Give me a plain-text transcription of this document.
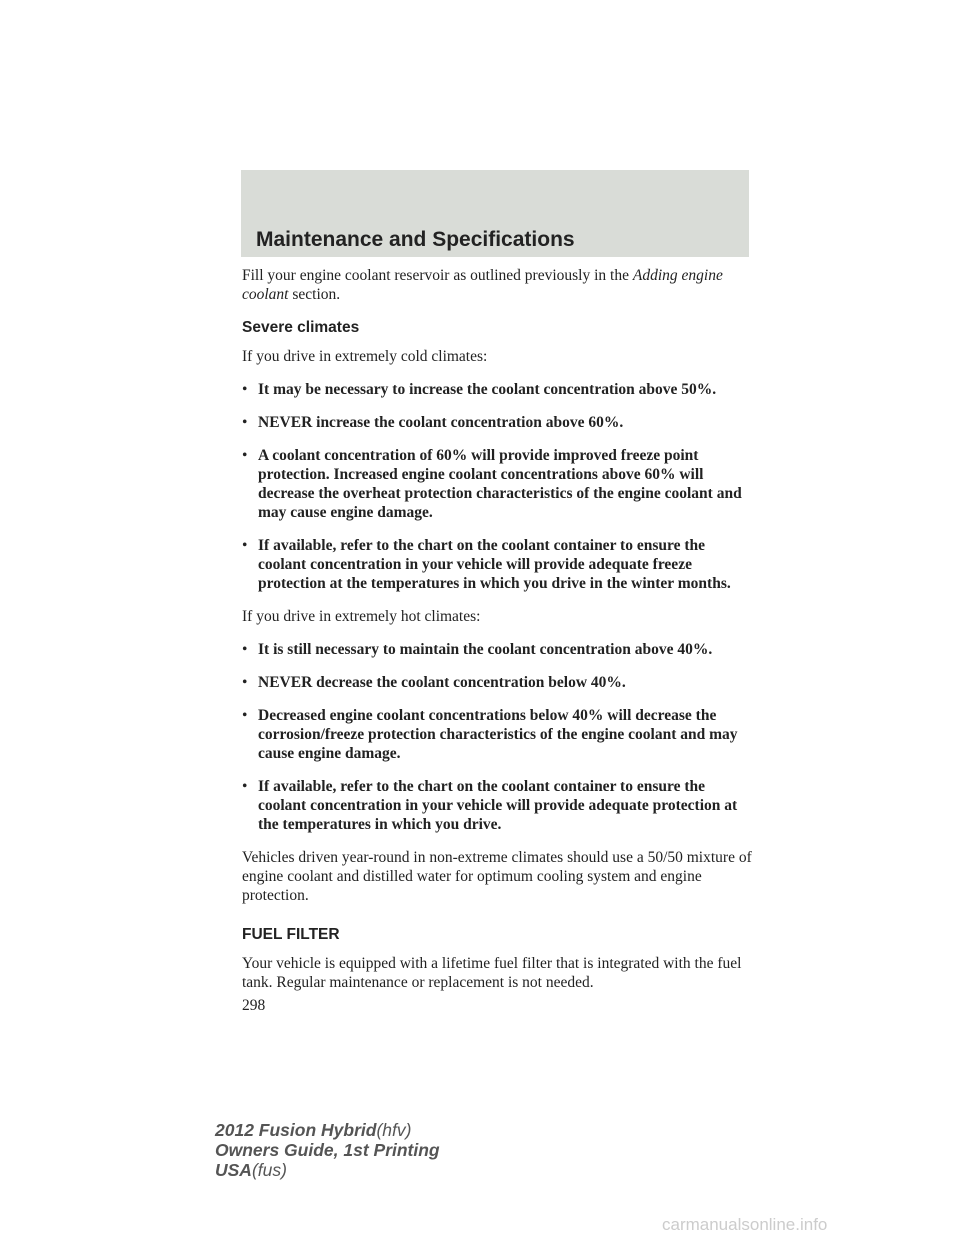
Maintenance and Specifications

Fill your engine coolant reservoir as outlined previously in the Adding engine coolant section.

Severe climates

If you drive in extremely cold climates:

• It may be necessary to increase the coolant concentration above 50%.
• NEVER increase the coolant concentration above 60%.
• A coolant concentration of 60% will provide improved freeze point protection. Increased engine coolant concentrations above 60% will decrease the overheat protection characteristics of the engine coolant and may cause engine damage.
• If available, refer to the chart on the coolant container to ensure the coolant concentration in your vehicle will provide adequate freeze protection at the temperatures in which you drive in the winter months.

If you drive in extremely hot climates:

• It is still necessary to maintain the coolant concentration above 40%.
• NEVER decrease the coolant concentration below 40%.
• Decreased engine coolant concentrations below 40% will decrease the corrosion/freeze protection characteristics of the engine coolant and may cause engine damage.
• If available, refer to the chart on the coolant container to ensure the coolant concentration in your vehicle will provide adequate protection at the temperatures in which you drive.

Vehicles driven year-round in non-extreme climates should use a 50/50 mixture of engine coolant and distilled water for optimum cooling system and engine protection.

FUEL FILTER

Your vehicle is equipped with a lifetime fuel filter that is integrated with the fuel tank. Regular maintenance or replacement is not needed.

298

2012 Fusion Hybrid(hfv)
Owners Guide, 1st Printing
USA(fus)
carmanualsonline.info
